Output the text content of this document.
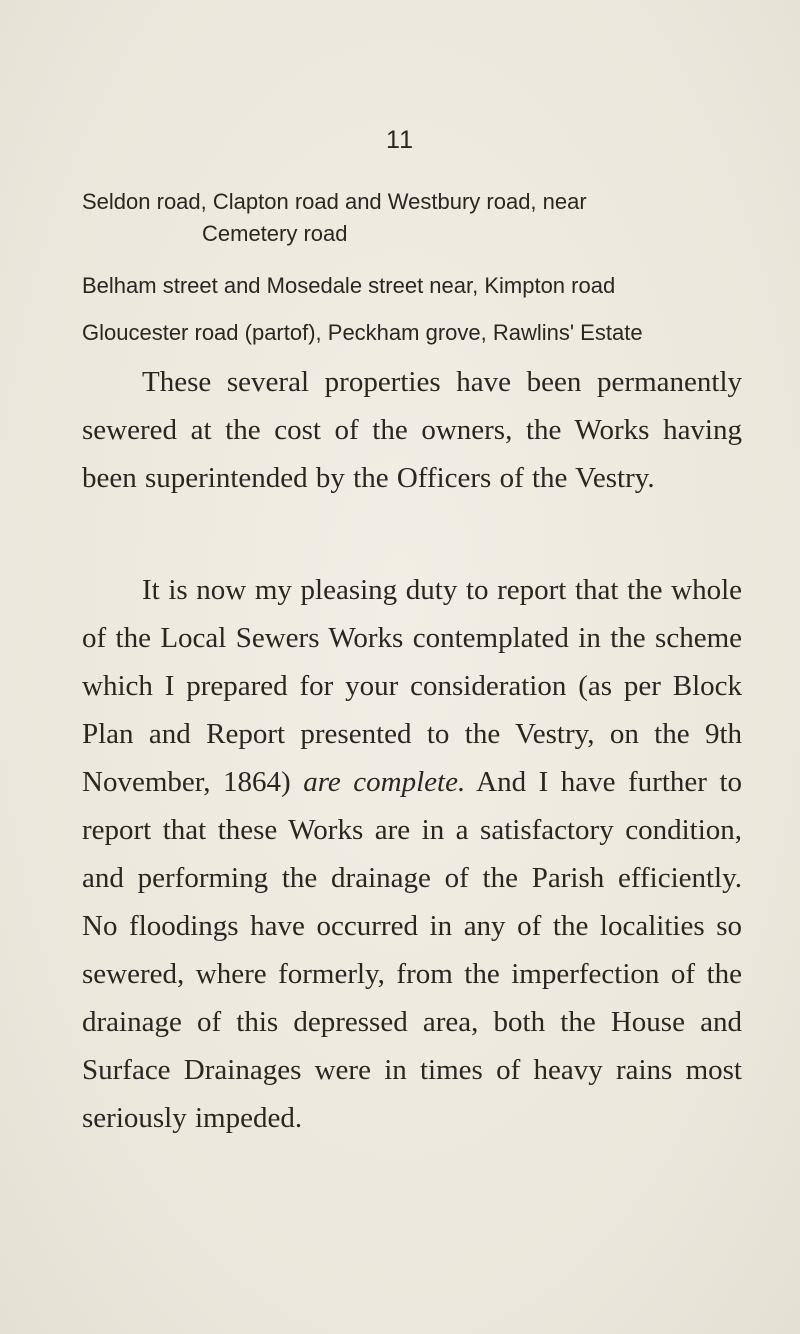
11

Seldon road, Clapton road and Westbury road, near

Cemetery road

Belham street and Mosedale street near, Kimpton road

Gloucester road (partof), Peckham grove, Rawlins' Estate

These several properties have been permanently sewered at the cost of the owners, the Works having been superintended by the Officers of the Vestry.

It is now my pleasing duty to report that the whole of the Local Sewers Works contemplated in the scheme which I prepared for your consideration (as per Block Plan and Report presented to the Vestry, on the 9th November, 1864) are complete. And I have further to report that these Works are in a satisfactory condition, and performing the drainage of the Parish efficiently. No floodings have occurred in any of the localities so sewered, where formerly, from the imperfection of the drainage of this depressed area, both the House and Surface Drainages were in times of heavy rains most seriously impeded.
